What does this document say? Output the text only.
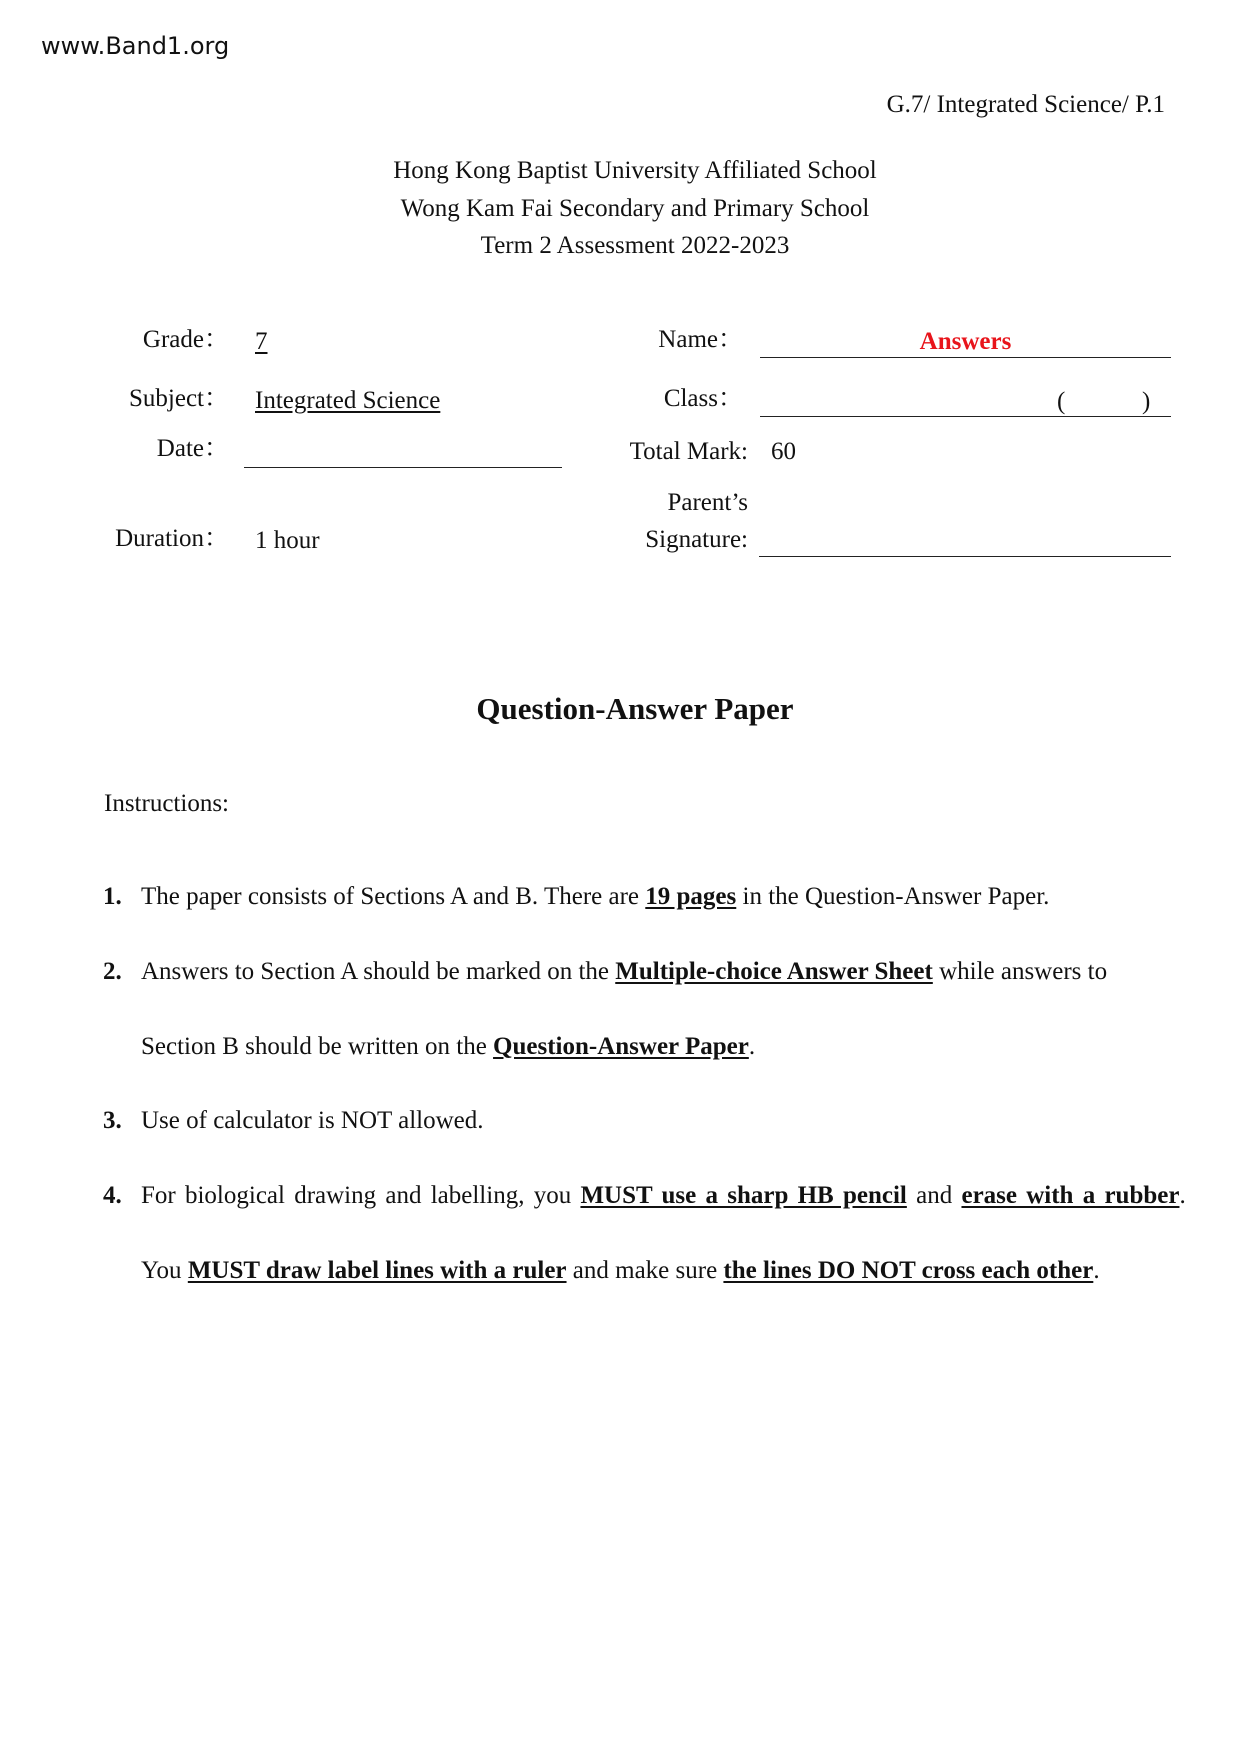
www.Band1.org
G.7/ Integrated Science/ P.1
Hong Kong Baptist University Affiliated School
Wong Kam Fai Secondary and Primary School
Term 2 Assessment 2022-2023
Grade： 7
Subject： Integrated Science
Date：
Duration： 1 hour
Name：	Answers
Class：	(	)
Total Mark: 60
Parent’s
Signature:
Question-Answer Paper
Instructions:
1. The paper consists of Sections A and B. There are 19 pages in the Question-Answer Paper.
2. Answers to Section A should be marked on the Multiple-choice Answer Sheet while answers to
Section B should be written on the Question-Answer Paper.
3. Use of calculator is NOT allowed.
4. For biological drawing and labelling, you MUST use a sharp HB pencil and erase with a rubber.
You MUST draw label lines with a ruler and make sure the lines DO NOT cross each other.
